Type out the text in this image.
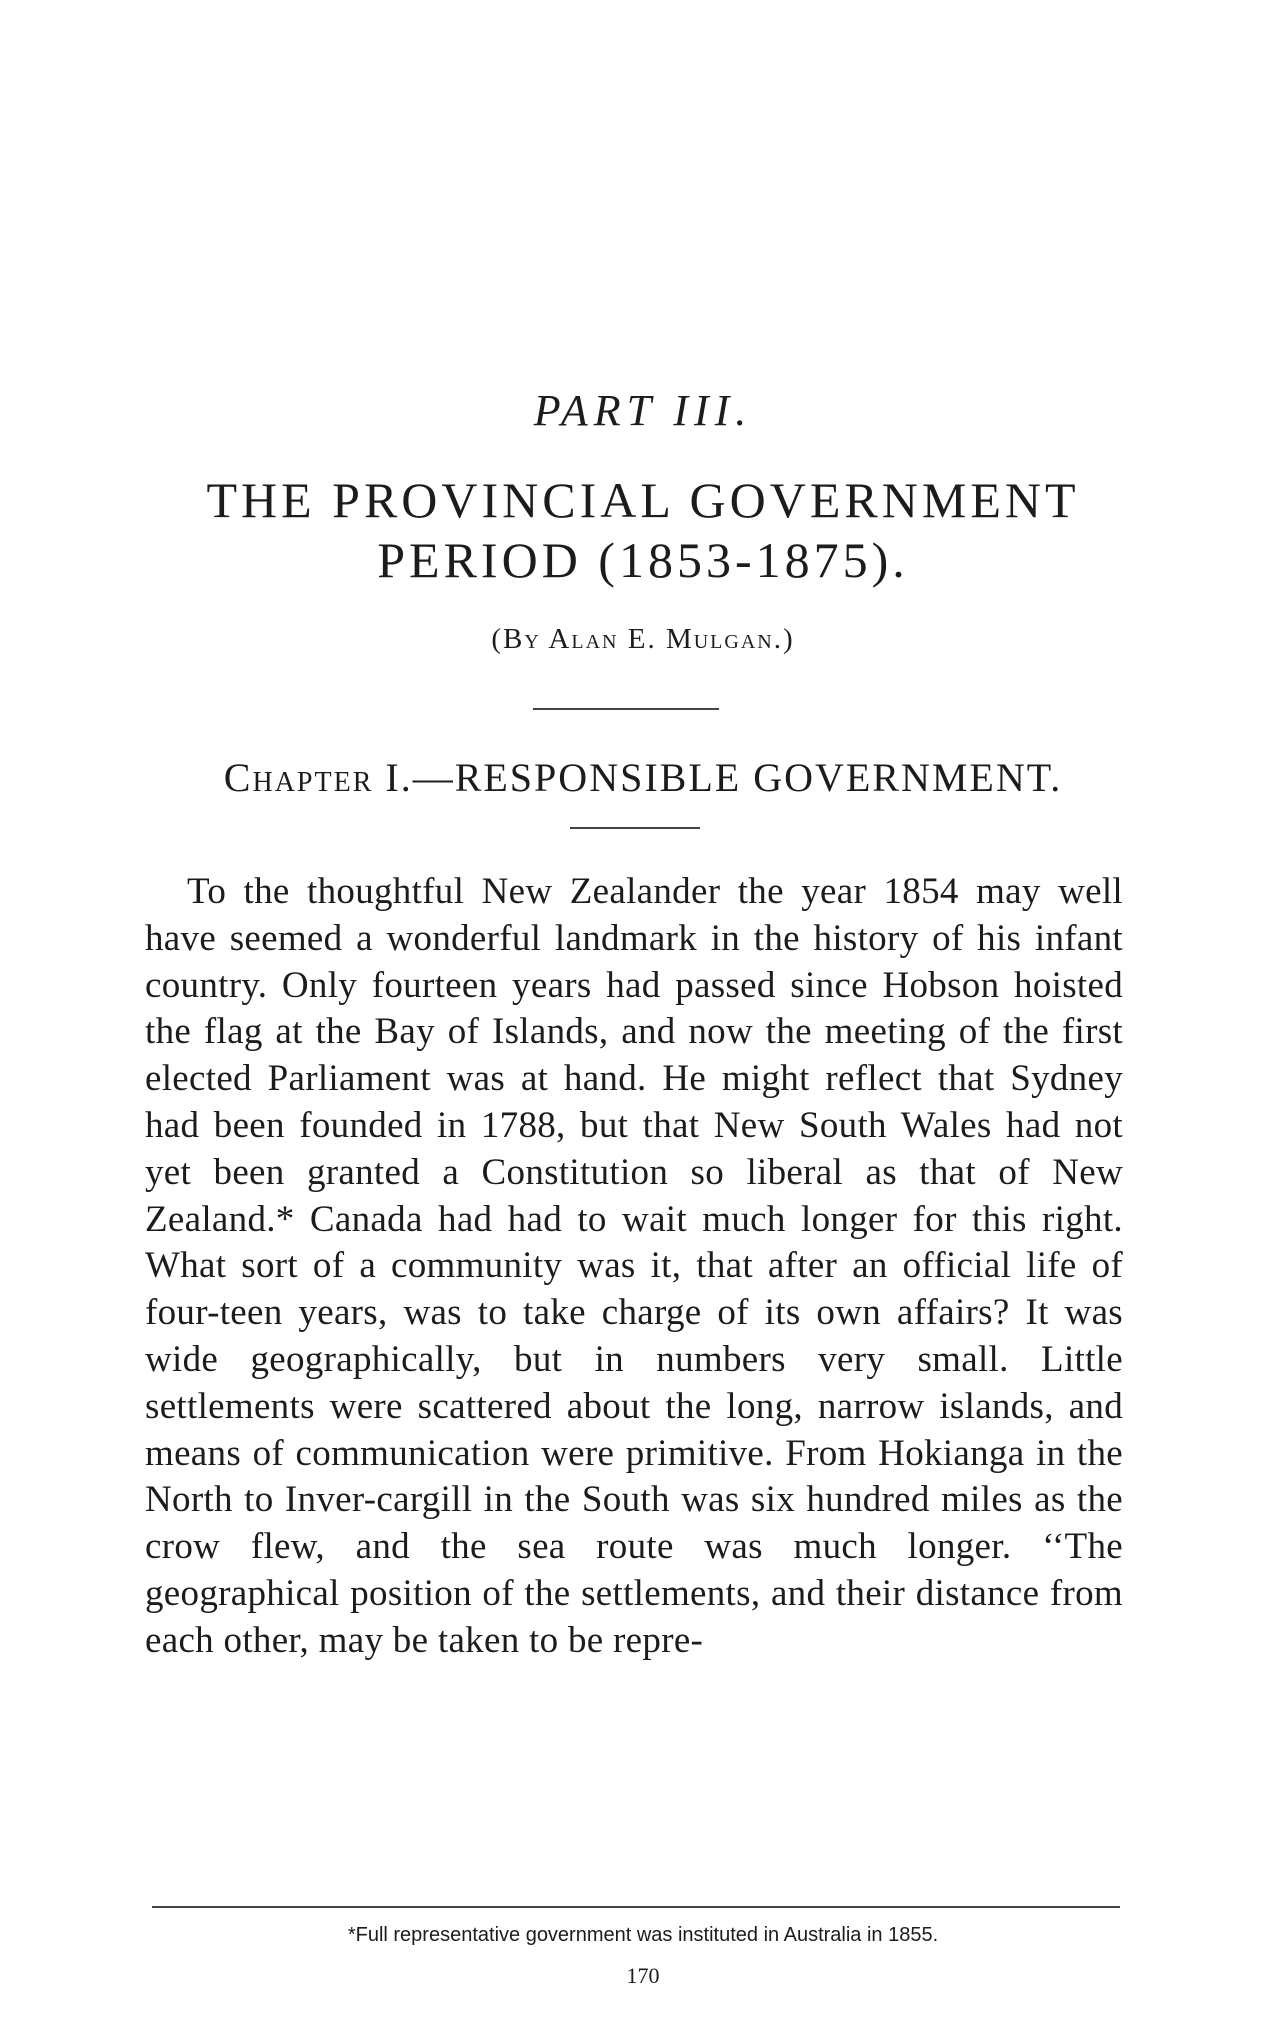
PART III.
THE PROVINCIAL GOVERNMENT
PERIOD (1853-1875).
(By Alan E. Mulgan.)
Chapter I.—RESPONSIBLE GOVERNMENT.

To the thoughtful New Zealander the year 1854 may well have seemed a wonderful landmark in the history of his infant country. Only fourteen years had passed since Hobson hoisted the flag at the Bay of Islands, and now the meeting of the first elected Parliament was at hand. He might reflect that Sydney had been founded in 1788, but that New South Wales had not yet been granted a Constitution so liberal as that of New Zealand.* Canada had had to wait much longer for this right. What sort of a community was it, that after an official life of four-teen years, was to take charge of its own affairs? It was wide geographically, but in numbers very small. Little settlements were scattered about the long, narrow islands, and means of communication were primitive. From Hokianga in the North to Inver-cargill in the South was six hundred miles as the crow flew, and the sea route was much longer. ‘‘The geographical position of the settlements, and their distance from each other, may be taken to be repre-

*Full representative government was instituted in Australia in 1855.
170
